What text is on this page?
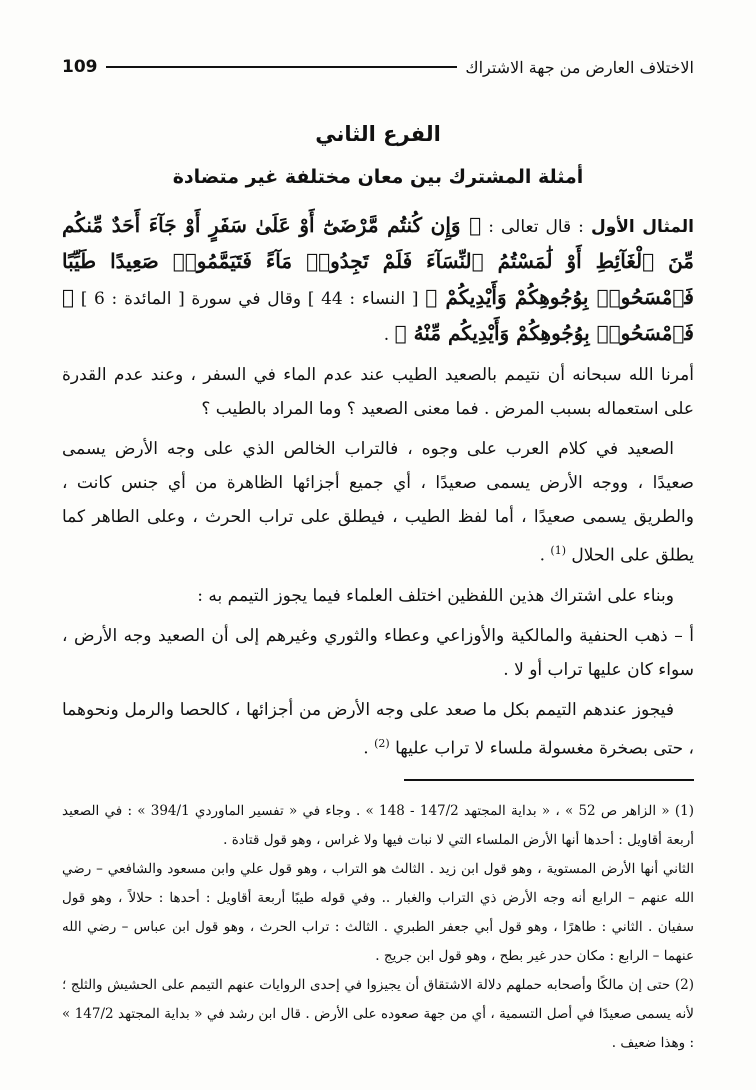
الاختلاف العارض من جهة الاشتراك
109
الفرع الثاني
أمثلة المشترك بين معان مختلفة غير متضادة

المثال الأول : قال تعالى : ﴿ وَإِن كُنتُم مَّرْضَىٰٓ أَوْ عَلَىٰ سَفَرٍ أَوْ جَآءَ أَحَدٌ مِّنكُم مِّنَ ٱلْغَآئِطِ أَوْ لَٰمَسْتُمُ ٱلنِّسَآءَ فَلَمْ تَجِدُوا۟ مَآءً فَتَيَمَّمُوا۟ صَعِيدًا طَيِّبًا فَٱمْسَحُوا۟ بِوُجُوهِكُمْ وَأَيْدِيكُمْ ﴾ [ النساء : 44 ] وقال في سورة [ المائدة : 6 ] ﴿ فَٱمْسَحُوا۟ بِوُجُوهِكُمْ وَأَيْدِيكُم مِّنْهُ ﴾ .

أمرنا الله سبحانه أن نتيمم بالصعيد الطيب عند عدم الماء في السفر ، وعند عدم القدرة على استعماله بسبب المرض . فما معنى الصعيد ؟ وما المراد بالطيب ؟

الصعيد في كلام العرب على وجوه ، فالتراب الخالص الذي على وجه الأرض يسمى صعيدًا ، ووجه الأرض يسمى صعيدًا ، أي جميع أجزائها الظاهرة من أي جنس كانت ، والطريق يسمى صعيدًا ، أما لفظ الطيب ، فيطلق على تراب الحرث ، وعلى الطاهر كما يطلق على الحلال $^{(1)}$ .

وبناء على اشتراك هذين اللفظين اختلف العلماء فيما يجوز التيمم به :

أ – ذهب الحنفية والمالكية والأوزاعي وعطاء والثوري وغيرهم إلى أن الصعيد وجه الأرض ، سواء كان عليها تراب أو لا .

فيجوز عندهم التيمم بكل ما صعد على وجه الأرض من أجزائها ، كالحصا والرمل ونحوهما ، حتى بصخرة مغسولة ملساء لا تراب عليها $^{(2)}$ .

(1) « الزاهر ص 52 » ، « بداية المجتهد 147/2 - 148 » . وجاء في « تفسير الماوردي 394/1 » : في الصعيد أربعة أقاويل : أحدها أنها الأرض الملساء التي لا نبات فيها ولا غراس ، وهو قول قتادة .

الثاني أنها الأرض المستوية ، وهو قول ابن زيد . الثالث هو التراب ، وهو قول علي وابن مسعود والشافعي – رضي الله عنهم – الرابع أنه وجه الأرض ذي التراب والغبار .. وفي قوله طيبًا أربعة أقاويل : أحدها : حلالاً ، وهو قول سفيان . الثاني : طاهرًا ، وهو قول أبي جعفر الطبري . الثالث : تراب الحرث ، وهو قول ابن عباس – رضي الله عنهما – الرابع : مكان حدر غير بطح ، وهو قول ابن جريج .

(2) حتى إن مالكًا وأصحابه حملهم دلالة الاشتقاق أن يجيزوا في إحدى الروايات عنهم التيمم على الحشيش والثلج ؛ لأنه يسمى صعيدًا في أصل التسمية ، أي من جهة صعوده على الأرض . قال ابن رشد في « بداية المجتهد 147/2 » : وهذا ضعيف .
